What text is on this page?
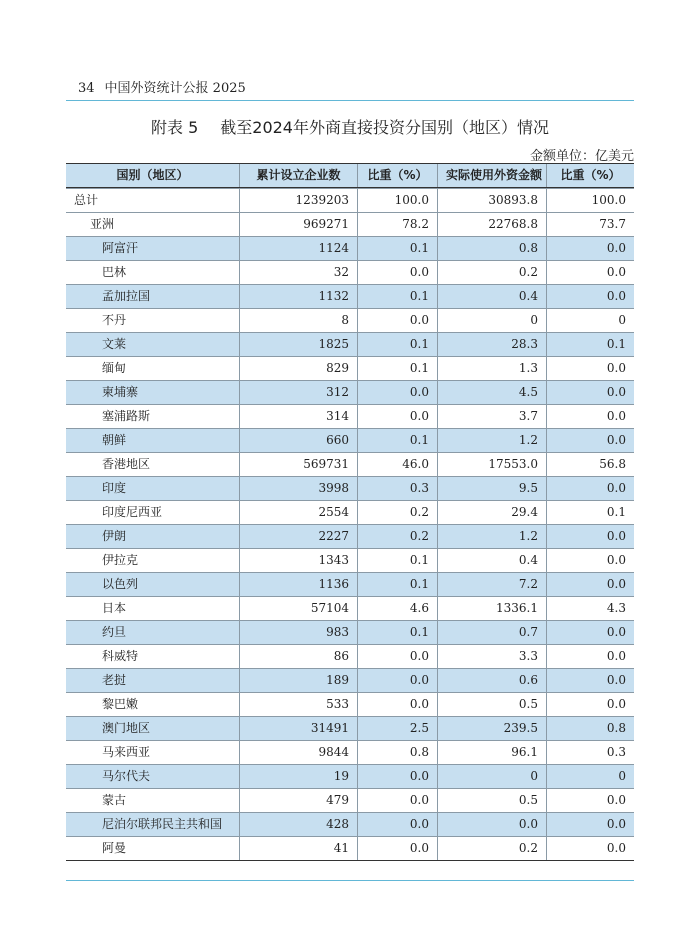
34 中国外资统计公报 2025
附表 5 截至2024年外商直接投资分国别（地区）情况
金额单位：亿美元
国别（地区）	累计设立企业数	比重（%）	实际使用外资金额	比重（%）
总计	1239203	100.0	30893.8	100.0
亚洲	969271	78.2	22768.8	73.7
阿富汗	1124	0.1	0.8	0.0
巴林	32	0.0	0.2	0.0
孟加拉国	1132	0.1	0.4	0.0
不丹	8	0.0	0	0
文莱	1825	0.1	28.3	0.1
缅甸	829	0.1	1.3	0.0
柬埔寨	312	0.0	4.5	0.0
塞浦路斯	314	0.0	3.7	0.0
朝鲜	660	0.1	1.2	0.0
香港地区	569731	46.0	17553.0	56.8
印度	3998	0.3	9.5	0.0
印度尼西亚	2554	0.2	29.4	0.1
伊朗	2227	0.2	1.2	0.0
伊拉克	1343	0.1	0.4	0.0
以色列	1136	0.1	7.2	0.0
日本	57104	4.6	1336.1	4.3
约旦	983	0.1	0.7	0.0
科威特	86	0.0	3.3	0.0
老挝	189	0.0	0.6	0.0
黎巴嫩	533	0.0	0.5	0.0
澳门地区	31491	2.5	239.5	0.8
马来西亚	9844	0.8	96.1	0.3
马尔代夫	19	0.0	0	0
蒙古	479	0.0	0.5	0.0
尼泊尔联邦民主共和国	428	0.0	0.0	0.0
阿曼	41	0.0	0.2	0.0
